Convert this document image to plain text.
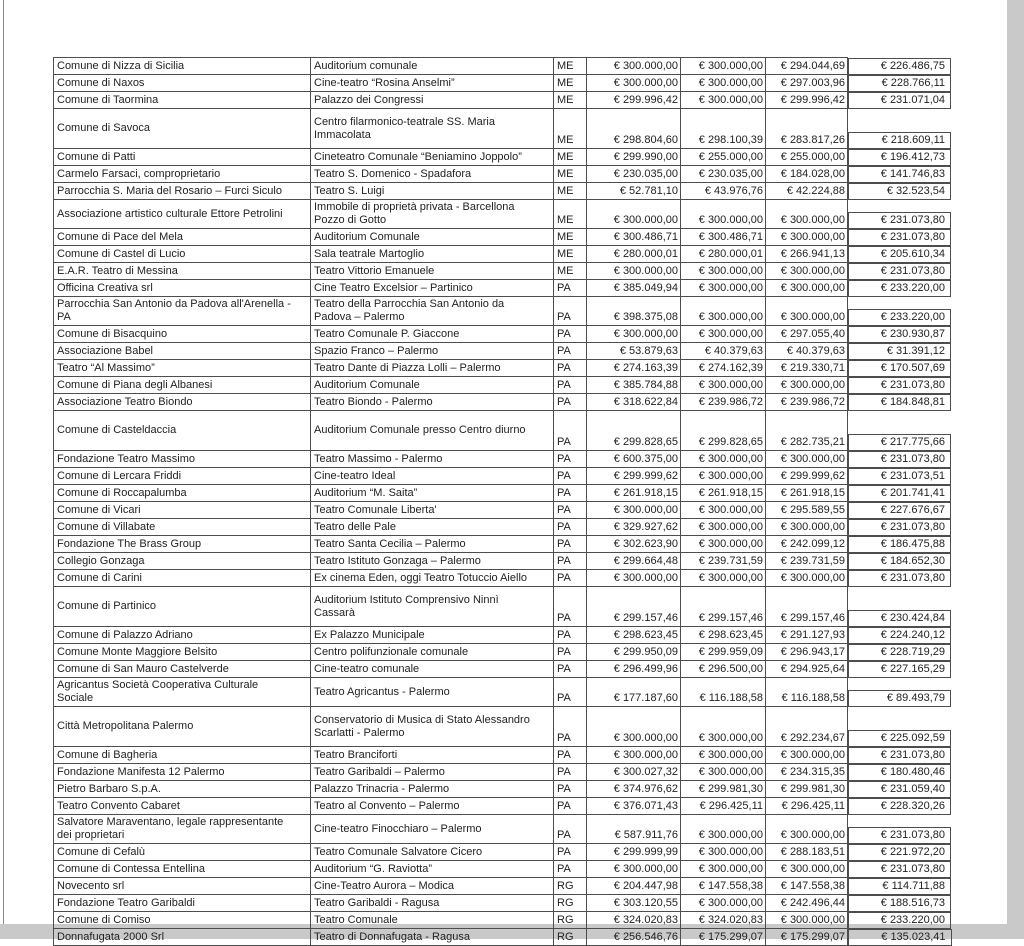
Comune di Nizza di Sicilia	Auditorium comunale	ME	€ 300.000,00	€ 300.000,00	€ 294.044,69	€ 226.486,75

Comune di Naxos	Cine-teatro “Rosina Anselmi”	ME	€ 300.000,00	€ 300.000,00	€ 297.003,96	€ 228.766,11

Comune di Taormina	Palazzo dei Congressi	ME	€ 299.996,42	€ 300.000,00	€ 299.996,42	€ 231.071,04

Comune di Savoca	Centro filarmonico-teatrale SS. Maria Immacolata	ME	€ 298.804,60	€ 298.100,39	€ 283.817,26	€ 218.609,11

Comune di Patti	Cineteatro Comunale “Beniamino Joppolo”	ME	€ 299.990,00	€ 255.000,00	€ 255.000,00	€ 196.412,73

Carmelo Farsaci, comproprietario	Teatro S. Domenico - Spadafora	ME	€ 230.035,00	€ 230.035,00	€ 184.028,00	€ 141.746,83

Parrocchia S. Maria del Rosario – Furci Siculo	Teatro S. Luigi	ME	€ 52.781,10	€ 43.976,76	€ 42.224,88	€ 32.523,54

Associazione artistico culturale Ettore Petrolini	Immobile di proprietà privata - Barcellona Pozzo di Gotto	ME	€ 300.000,00	€ 300.000,00	€ 300.000,00	€ 231.073,80

Comune di Pace del Mela	Auditorium Comunale	ME	€ 300.486,71	€ 300.486,71	€ 300.000,00	€ 231.073,80

Comune di Castel di Lucio	Sala teatrale Martoglio	ME	€ 280.000,01	€ 280.000,01	€ 266.941,13	€ 205.610,34

E.A.R. Teatro di Messina	Teatro Vittorio Emanuele	ME	€ 300.000,00	€ 300.000,00	€ 300.000,00	€ 231.073,80

Officina Creativa srl	Cine Teatro Excelsior – Partinico	PA	€ 385.049,94	€ 300.000,00	€ 300.000,00	€ 233.220,00

Parrocchia San Antonio da Padova all'Arenella - PA	Teatro della Parrocchia San Antonio da Padova – Palermo	PA	€ 398.375,08	€ 300.000,00	€ 300.000,00	€ 233.220,00

Comune di Bisacquino	Teatro Comunale P. Giaccone	PA	€ 300.000,00	€ 300.000,00	€ 297.055,40	€ 230.930,87

Associazione Babel	Spazio Franco – Palermo	PA	€ 53.879,63	€ 40.379,63	€ 40.379,63	€ 31.391,12

Teatro “Al Massimo”	Teatro Dante di Piazza Lolli – Palermo	PA	€ 274.163,39	€ 274.162,39	€ 219.330,71	€ 170.507,69

Comune di Piana degli Albanesi	Auditorium Comunale	PA	€ 385.784,88	€ 300.000,00	€ 300.000,00	€ 231.073,80

Associazione Teatro Biondo	Teatro Biondo - Palermo	PA	€ 318.622,84	€ 239.986,72	€ 239.986,72	€ 184.848,81

Comune di Casteldaccia	Auditorium Comunale presso Centro diurno	PA	€ 299.828,65	€ 299.828,65	€ 282.735,21	€ 217.775,66

Fondazione Teatro Massimo	Teatro Massimo - Palermo	PA	€ 600.375,00	€ 300.000,00	€ 300.000,00	€ 231.073,80

Comune di Lercara Friddi	Cine-teatro Ideal	PA	€ 299.999,62	€ 300.000,00	€ 299.999,62	€ 231.073,51

Comune di Roccapalumba	Auditorium “M. Saita”	PA	€ 261.918,15	€ 261.918,15	€ 261.918,15	€ 201.741,41

Comune di Vicari	Teatro Comunale Liberta'	PA	€ 300.000,00	€ 300.000,00	€ 295.589,55	€ 227.676,67

Comune di Villabate	Teatro delle Pale	PA	€ 329.927,62	€ 300.000,00	€ 300.000,00	€ 231.073,80

Fondazione The Brass Group	Teatro Santa Cecilia – Palermo	PA	€ 302.623,90	€ 300.000,00	€ 242.099,12	€ 186.475,88

Collegio Gonzaga	Teatro Istituto Gonzaga – Palermo	PA	€ 299.664,48	€ 239.731,59	€ 239.731,59	€ 184.652,30

Comune di Carini	Ex cinema Eden, oggi Teatro Totuccio Aiello	PA	€ 300.000,00	€ 300.000,00	€ 300.000,00	€ 231.073,80

Comune di Partinico	Auditorium Istituto Comprensivo Ninnì Cassarà	PA	€ 299.157,46	€ 299.157,46	€ 299.157,46	€ 230.424,84

Comune di Palazzo Adriano	Ex Palazzo Municipale	PA	€ 298.623,45	€ 298.623,45	€ 291.127,93	€ 224.240,12

Comune Monte Maggiore Belsito	Centro polifunzionale comunale	PA	€ 299.950,09	€ 299.959,09	€ 296.943,17	€ 228.719,29

Comune di San Mauro Castelverde	Cine-teatro comunale	PA	€ 296.499,96	€ 296.500,00	€ 294.925,64	€ 227.165,29

Agricantus Società Cooperativa Culturale Sociale	Teatro Agricantus - Palermo	PA	€ 177.187,60	€ 116.188,58	€ 116.188,58	€ 89.493,79

Città Metropolitana Palermo	Conservatorio di Musica di Stato Alessandro Scarlatti - Palermo	PA	€ 300.000,00	€ 300.000,00	€ 292.234,67	€ 225.092,59

Comune di Bagheria	Teatro Branciforti	PA	€ 300.000,00	€ 300.000,00	€ 300.000,00	€ 231.073,80

Fondazione Manifesta 12 Palermo	Teatro Garibaldi – Palermo	PA	€ 300.027,32	€ 300.000,00	€ 234.315,35	€ 180.480,46

Pietro Barbaro S.p.A.	Palazzo Trinacria - Palermo	PA	€ 374.976,62	€ 299.981,30	€ 299.981,30	€ 231.059,40

Teatro Convento Cabaret	Teatro al Convento – Palermo	PA	€ 376.071,43	€ 296.425,11	€ 296.425,11	€ 228.320,26

Salvatore Maraventano, legale rappresentante dei proprietari	Cine-teatro Finocchiaro – Palermo	PA	€ 587.911,76	€ 300.000,00	€ 300.000,00	€ 231.073,80

Comune di Cefalù	Teatro Comunale Salvatore Cicero	PA	€ 299.999,99	€ 300.000,00	€ 288.183,51	€ 221.972,20

Comune di Contessa Entellina	Auditorium “G. Raviotta”	PA	€ 300.000,00	€ 300.000,00	€ 300.000,00	€ 231.073,80

Novecento srl	Cine-Teatro Aurora – Modica	RG	€ 204.447,98	€ 147.558,38	€ 147.558,38	€ 114.711,88

Fondazione Teatro Garibaldi	Teatro Garibaldi - Ragusa	RG	€ 303.120,55	€ 300.000,00	€ 242.496,44	€ 188.516,73

Comune di Comiso	Teatro Comunale	RG	€ 324.020,83	€ 324.020,83	€ 300.000,00	€ 233.220,00

Donnafugata 2000 Srl	Teatro di Donnafugata - Ragusa	RG	€ 256.546,76	€ 175.299,07	€ 175.299,07	€ 135.023,41
